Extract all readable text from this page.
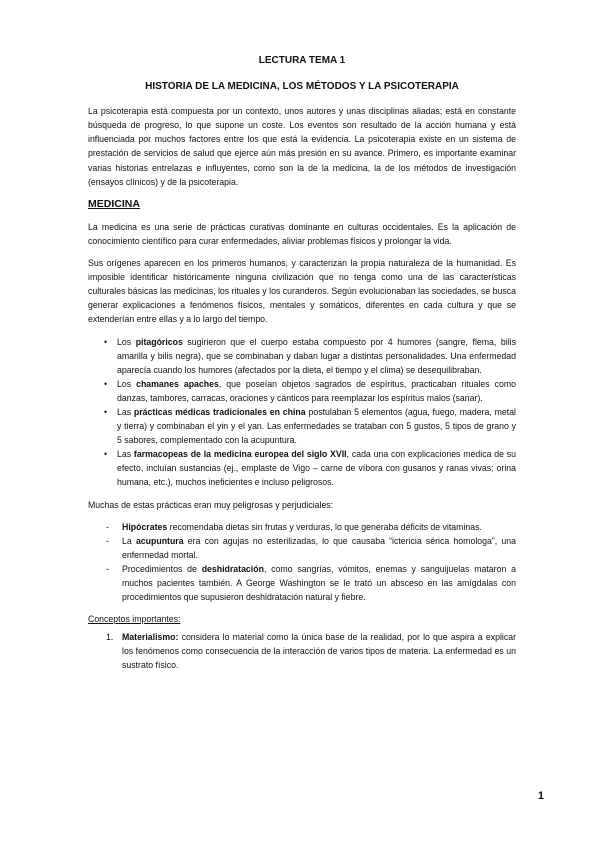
LECTURA TEMA 1
HISTORIA DE LA MEDICINA, LOS MÉTODOS Y LA PSICOTERAPIA

La psicoterapia está compuesta por un contexto, unos autores y unas disciplinas aliadas; está en constante búsqueda de progreso, lo que supone un coste. Los eventos son resultado de la acción humana y está influenciada por muchos factores entre los que está la evidencia. La psicoterapia existe en un sistema de prestación de servicios de salud que ejerce aún más presión en su avance. Primero, es importante examinar varias historias entrelazas e influyentes, como son la de la medicina, la de los métodos de investigación (ensayos clínicos) y de la psicoterapia.

MEDICINA

La medicina es una serie de prácticas curativas dominante en culturas occidentales. Es la aplicación de conocimiento científico para curar enfermedades, aliviar problemas físicos y prolongar la vida.

Sus orígenes aparecen en los primeros humanos, y caracterizan la propia naturaleza de la humanidad. Es imposible identificar históricamente ninguna civilización que no tenga como una de las características culturales básicas las medicinas, los rituales y los curanderos. Según evolucionaban las sociedades, se busca generar explicaciones a fenómenos físicos, mentales y somáticos, diferentes en cada cultura y que se extenderían entre ellas y a lo largo del tiempo.

• Los pitagóricos sugirieron que el cuerpo estaba compuesto por 4 humores (sangre, flema, bilis amarilla y bilis negra), que se combinaban y daban lugar a distintas personalidades. Una enfermedad aparecía cuando los humores (afectados por la dieta, el tiempo y el clima) se desequilibraban.
• Los chamanes apaches, que poseían objetos sagrados de espíritus, practicaban rituales como danzas, tambores, carracas, oraciones y cánticos para reemplazar los espíritus malos (sanar).
• Las prácticas médicas tradicionales en china postulaban 5 elementos (agua, fuego, madera, metal y tierra) y combinaban el yin y el yan. Las enfermedades se trataban con 5 gustos, 5 tipos de grano y 5 sabores, complementado con la acupuntura.
• Las farmacopeas de la medicina europea del siglo XVII, cada una con explicaciones medica de su efecto, incluían sustancias (ej., emplaste de Vigo – carne de víbora con gusanos y ranas vivas; orina humana, etc.), muchos ineficientes e incluso peligrosos.

Muchas de estas prácticas eran muy peligrosas y perjudiciales:

- Hipócrates recomendaba dietas sin frutas y verduras, lo que generaba déficits de vitaminas.
- La acupuntura era con agujas no esterilizadas, lo que causaba “ictericia sérica homologa”, una enfermedad mortal.
- Procedimientos de deshidratación, como sangrías, vómitos, enemas y sanguijuelas mataron a muchos pacientes también. A George Washington se le trató un absceso en las amígdalas con procedimientos que supusieron deshidratación natural y fiebre.
Conceptos importantes:
1. Materialismo: considera lo material como la única base de la realidad, por lo que aspira a explicar los fenómenos como consecuencia de la interacción de varios tipos de materia. La enfermedad es un sustrato físico.
1
